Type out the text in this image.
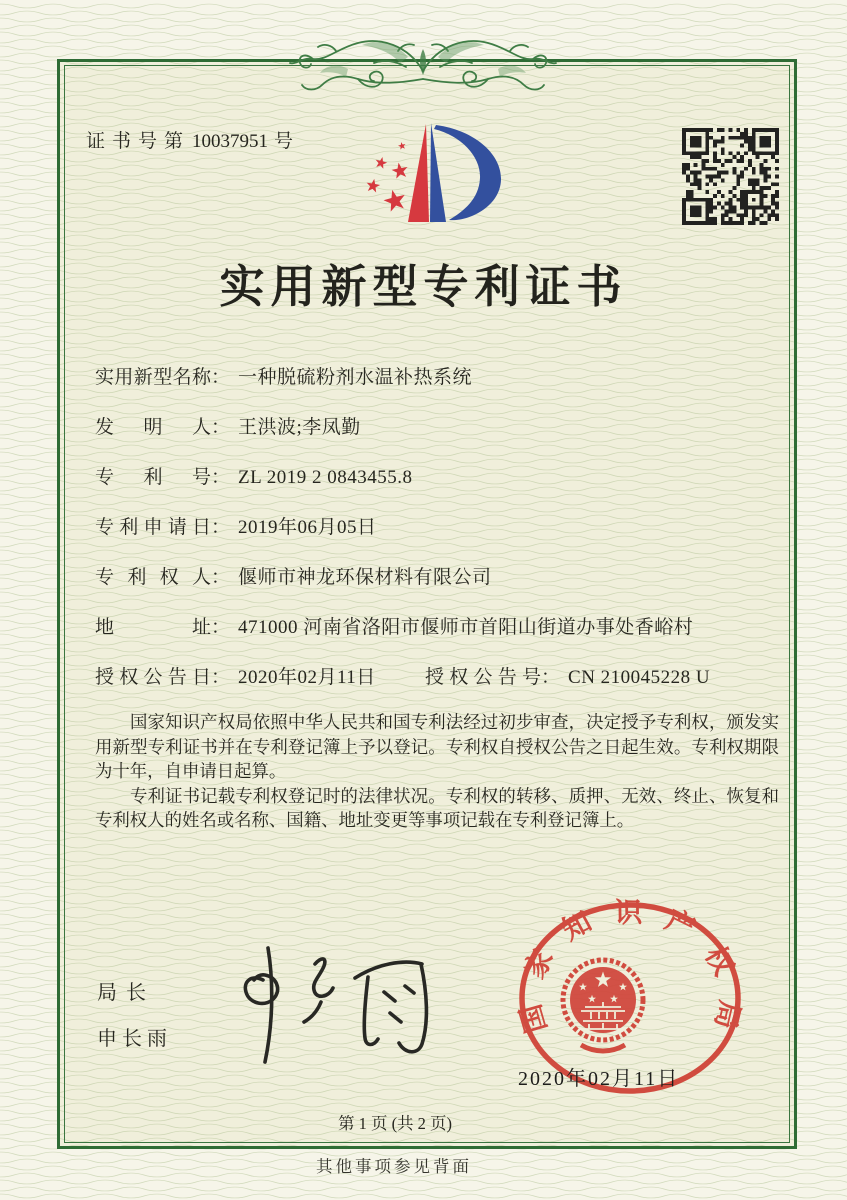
证书号第 10037951 号
实用新型专利证书
实用新型名称： 一种脱硫粉剂水温补热系统
发明人： 王洪波;李凤勤
专利号： ZL 2019 2 0843455.8
专利申请日： 2019年06月05日
专利权人： 偃师市神龙环保材料有限公司
地址： 471000 河南省洛阳市偃师市首阳山街道办事处香峪村
授权公告日： 2020年02月11日	授权公告号： CN 210045228 U

国家知识产权局依照中华人民共和国专利法经过初步审查，决定授予专利权，颁发实用新型专利证书并在专利登记簿上予以登记。专利权自授权公告之日起生效。专利权期限为十年，自申请日起算。

专利证书记载专利权登记时的法律状况。专利权的转移、质押、无效、终止、恢复和专利权人的姓名或名称、国籍、地址变更等事项记载在专利登记簿上。

局长
申长雨
国家知识产权局
2020年02月11日
第 1 页 (共 2 页)
其他事项参见背面
